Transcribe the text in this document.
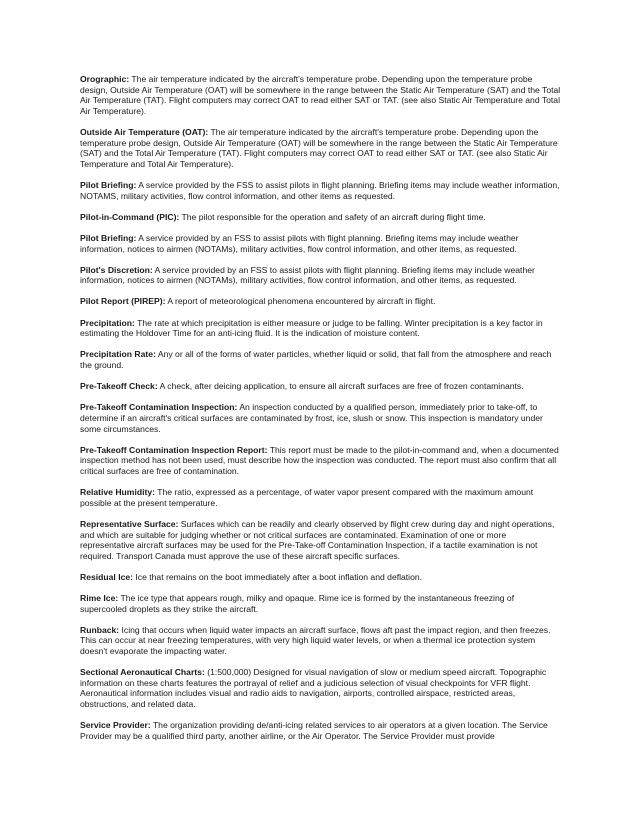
Orographic: The air temperature indicated by the aircraft's temperature probe. Depending upon the temperature probe design, Outside Air Temperature (OAT) will be somewhere in the range between the Static Air Temperature (SAT) and the Total Air Temperature (TAT). Flight computers may correct OAT to read either SAT or TAT. (see also Static Air Temperature and Total Air Temperature).

Outside Air Temperature (OAT): The air temperature indicated by the aircraft's temperature probe. Depending upon the temperature probe design, Outside Air Temperature (OAT) will be somewhere in the range between the Static Air Temperature (SAT) and the Total Air Temperature (TAT). Flight computers may correct OAT to read either SAT or TAT. (see also Static Air Temperature and Total Air Temperature).

Pilot Briefing: A service provided by the FSS to assist pilots in flight planning. Briefing items may include weather information, NOTAMS, military activities, flow control information, and other items as requested.

Pilot-in-Command (PIC): The pilot responsible for the operation and safety of an aircraft during flight time.

Pilot Briefing: A service provided by an FSS to assist pilots with flight planning. Briefing items may include weather information, notices to airmen (NOTAMs), military activities, flow control information, and other items, as requested.

Pilot's Discretion: A service provided by an FSS to assist pilots with flight planning. Briefing items may include weather information, notices to airmen (NOTAMs), military activities, flow control information, and other items, as requested.

Pilot Report (PIREP): A report of meteorological phenomena encountered by aircraft in flight.

Precipitation: The rate at which precipitation is either measure or judge to be falling. Winter precipitation is a key factor in estimating the Holdover Time for an anti-icing fluid. It is the indication of moisture content.

Precipitation Rate: Any or all of the forms of water particles, whether liquid or solid, that fall from the atmosphere and reach the ground.

Pre-Takeoff Check: A check, after deicing application, to ensure all aircraft surfaces are free of frozen contaminants.

Pre-Takeoff Contamination Inspection: An inspection conducted by a qualified person, immediately prior to take-off, to determine if an aircraft's critical surfaces are contaminated by frost, ice, slush or snow. This inspection is mandatory under some circumstances.

Pre-Takeoff Contamination Inspection Report: This report must be made to the pilot-in-command and, when a documented inspection method has not been used, must describe how the inspection was conducted. The report must also confirm that all critical surfaces are free of contamination.

Relative Humidity: The ratio, expressed as a percentage, of water vapor present compared with the maximum amount possible at the present temperature.

Representative Surface: Surfaces which can be readily and clearly observed by flight crew during day and night operations, and which are suitable for judging whether or not critical surfaces are contaminated. Examination of one or more representative aircraft surfaces may be used for the Pre-Take-off Contamination Inspection, if a tactile examination is not required. Transport Canada must approve the use of these aircraft specific surfaces.

Residual Ice: Ice that remains on the boot immediately after a boot inflation and deflation.

Rime Ice: The ice type that appears rough, milky and opaque. Rime ice is formed by the instantaneous freezing of supercooled droplets as they strike the aircraft.

Runback: Icing that occurs when liquid water impacts an aircraft surface, flows aft past the impact region, and then freezes. This can occur at near freezing temperatures, with very high liquid water levels, or when a thermal ice protection system doesn't evaporate the impacting water.

Sectional Aeronautical Charts: (1:500,000) Designed for visual navigation of slow or medium speed aircraft. Topographic information on these charts features the portrayal of relief and a judicious selection of visual checkpoints for VFR flight. Aeronautical information includes visual and radio aids to navigation, airports, controlled airspace, restricted areas, obstructions, and related data.

Service Provider: The organization providing de/anti-icing related services to air operators at a given location. The Service Provider may be a qualified third party, another airline, or the Air Operator. The Service Provider must provide
